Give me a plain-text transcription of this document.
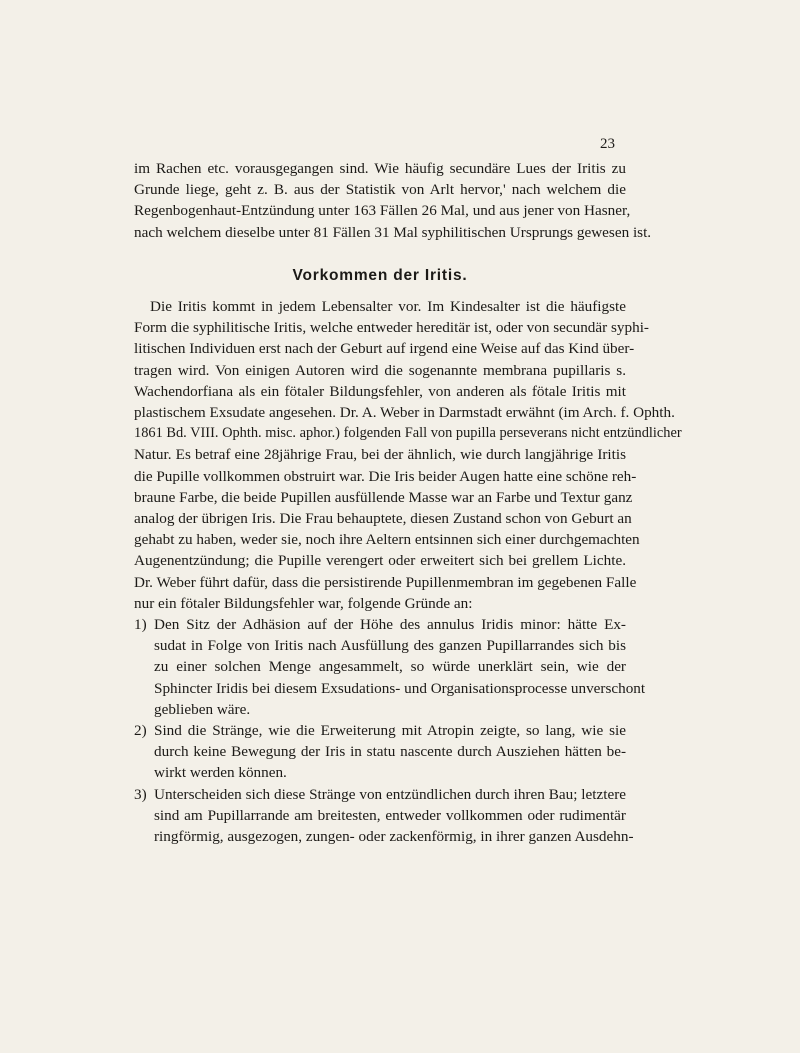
23
im Rachen etc. vorausgegangen sind. Wie häufig secundäre Lues der Iritis zu
Grunde liege, geht z. B. aus der Statistik von Arlt hervor,' nach welchem die
Regenbogenhaut-Entzündung unter 163 Fällen 26 Mal, und aus jener von Hasner,
nach welchem dieselbe unter 81 Fällen 31 Mal syphilitischen Ursprungs gewesen ist.
Vorkommen der Iritis.
Die Iritis kommt in jedem Lebensalter vor. Im Kindesalter ist die häufigste
Form die syphilitische Iritis, welche entweder hereditär ist, oder von secundär syphi-
litischen Individuen erst nach der Geburt auf irgend eine Weise auf das Kind über-
tragen wird. Von einigen Autoren wird die sogenannte membrana pupillaris s.
Wachendorfiana als ein fötaler Bildungsfehler, von anderen als fötale Iritis mit
plastischem Exsudate angesehen. Dr. A. Weber in Darmstadt erwähnt (im Arch. f. Ophth.
1861 Bd. VIII. Ophth. misc. aphor.) folgenden Fall von pupilla perseverans nicht entzündlicher
Natur. Es betraf eine 28jährige Frau, bei der ähnlich, wie durch langjährige Iritis
die Pupille vollkommen obstruirt war. Die Iris beider Augen hatte eine schöne reh-
braune Farbe, die beide Pupillen ausfüllende Masse war an Farbe und Textur ganz
analog der übrigen Iris. Die Frau behauptete, diesen Zustand schon von Geburt an
gehabt zu haben, weder sie, noch ihre Aeltern entsinnen sich einer durchgemachten
Augenentzündung; die Pupille verengert oder erweitert sich bei grellem Lichte.
Dr. Weber führt dafür, dass die persistirende Pupillenmembran im gegebenen Falle
nur ein fötaler Bildungsfehler war, folgende Gründe an:
1) Den Sitz der Adhäsion auf der Höhe des annulus Iridis minor: hätte Ex-
sudat in Folge von Iritis nach Ausfüllung des ganzen Pupillarrandes sich bis
zu einer solchen Menge angesammelt, so würde unerklärt sein, wie der
Sphincter Iridis bei diesem Exsudations- und Organisationsprocesse unverschont
geblieben wäre.
2) Sind die Stränge, wie die Erweiterung mit Atropin zeigte, so lang, wie sie
durch keine Bewegung der Iris in statu nascente durch Ausziehen hätten be-
wirkt werden können.
3) Unterscheiden sich diese Stränge von entzündlichen durch ihren Bau; letztere
sind am Pupillarrande am breitesten, entweder vollkommen oder rudimentär
ringförmig, ausgezogen, zungen- oder zackenförmig, in ihrer ganzen Ausdehn-
